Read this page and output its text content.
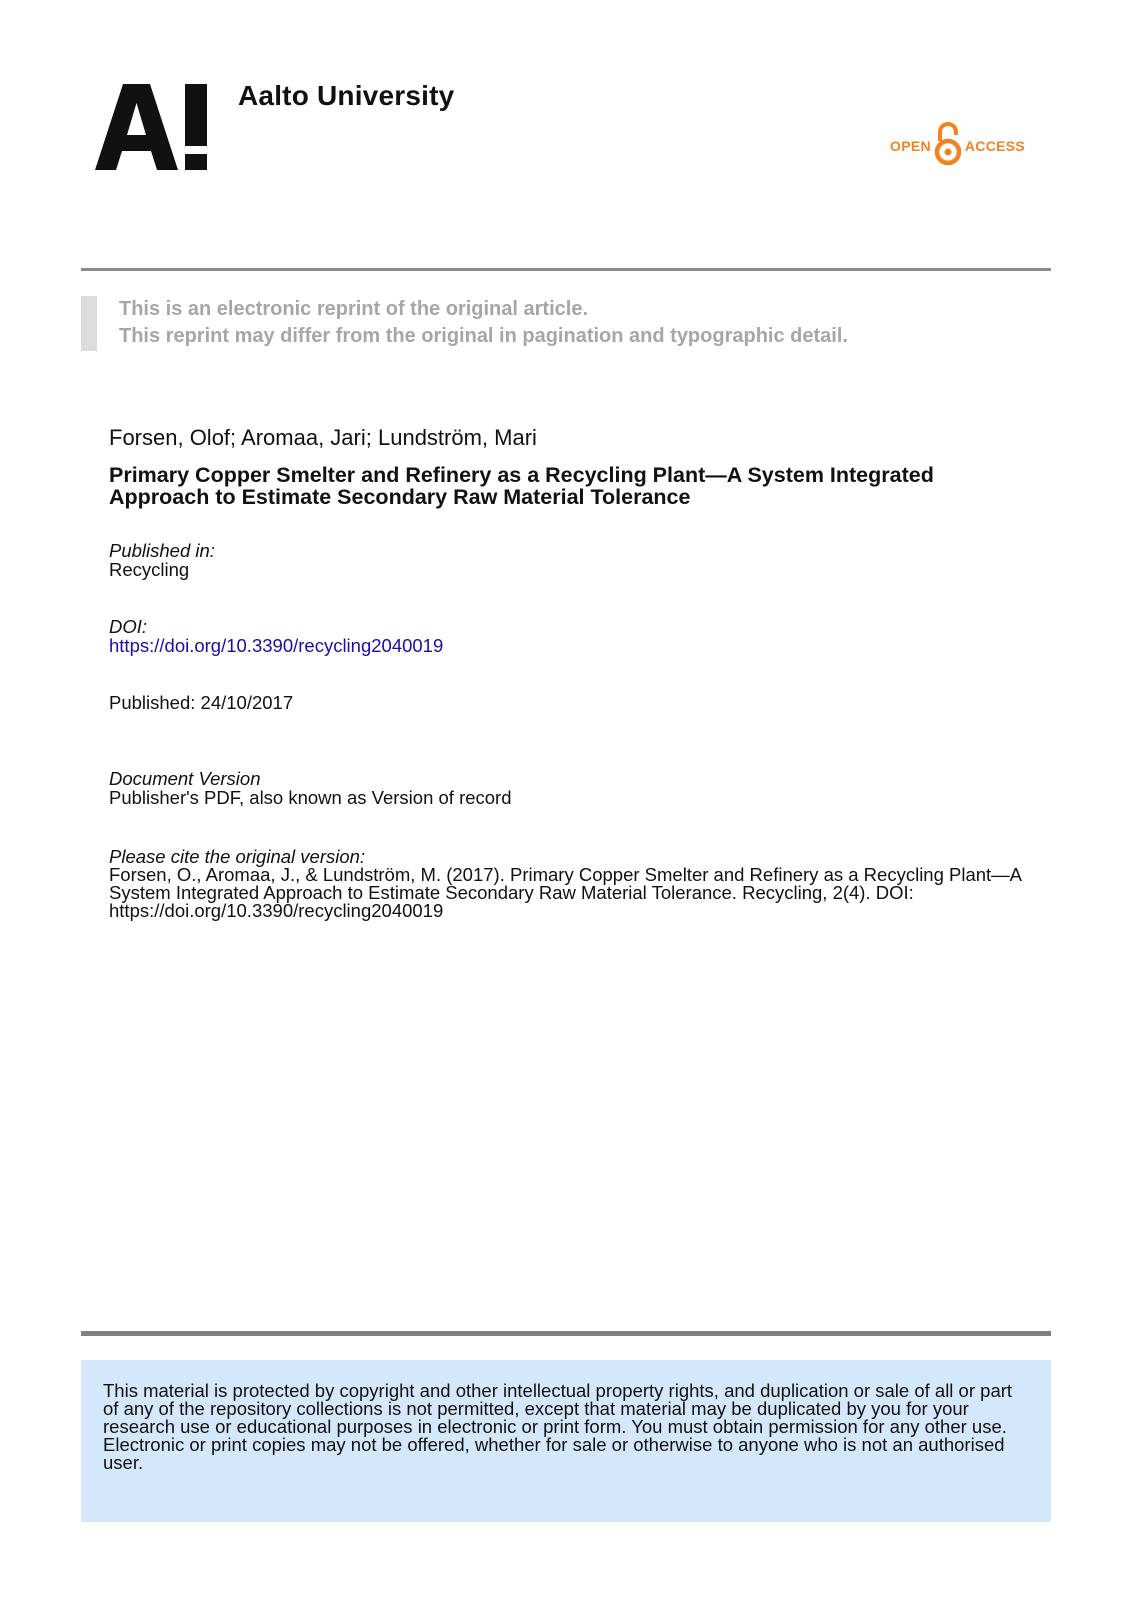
Aalto University
OPEN ACCESS
This is an electronic reprint of the original article.
This reprint may differ from the original in pagination and typographic detail.
Forsen, Olof; Aromaa, Jari; Lundström, Mari
Primary Copper Smelter and Refinery as a Recycling Plant—A System Integrated Approach to Estimate Secondary Raw Material Tolerance
Published in:
Recycling
DOI:
https://doi.org/10.3390/recycling2040019
Published: 24/10/2017
Document Version
Publisher's PDF, also known as Version of record
Please cite the original version:
Forsen, O., Aromaa, J., & Lundström, M. (2017). Primary Copper Smelter and Refinery as a Recycling Plant—A System Integrated Approach to Estimate Secondary Raw Material Tolerance. Recycling, 2(4). DOI: https://doi.org/10.3390/recycling2040019
This material is protected by copyright and other intellectual property rights, and duplication or sale of all or part of any of the repository collections is not permitted, except that material may be duplicated by you for your research use or educational purposes in electronic or print form. You must obtain permission for any other use. Electronic or print copies may not be offered, whether for sale or otherwise to anyone who is not an authorised user.
